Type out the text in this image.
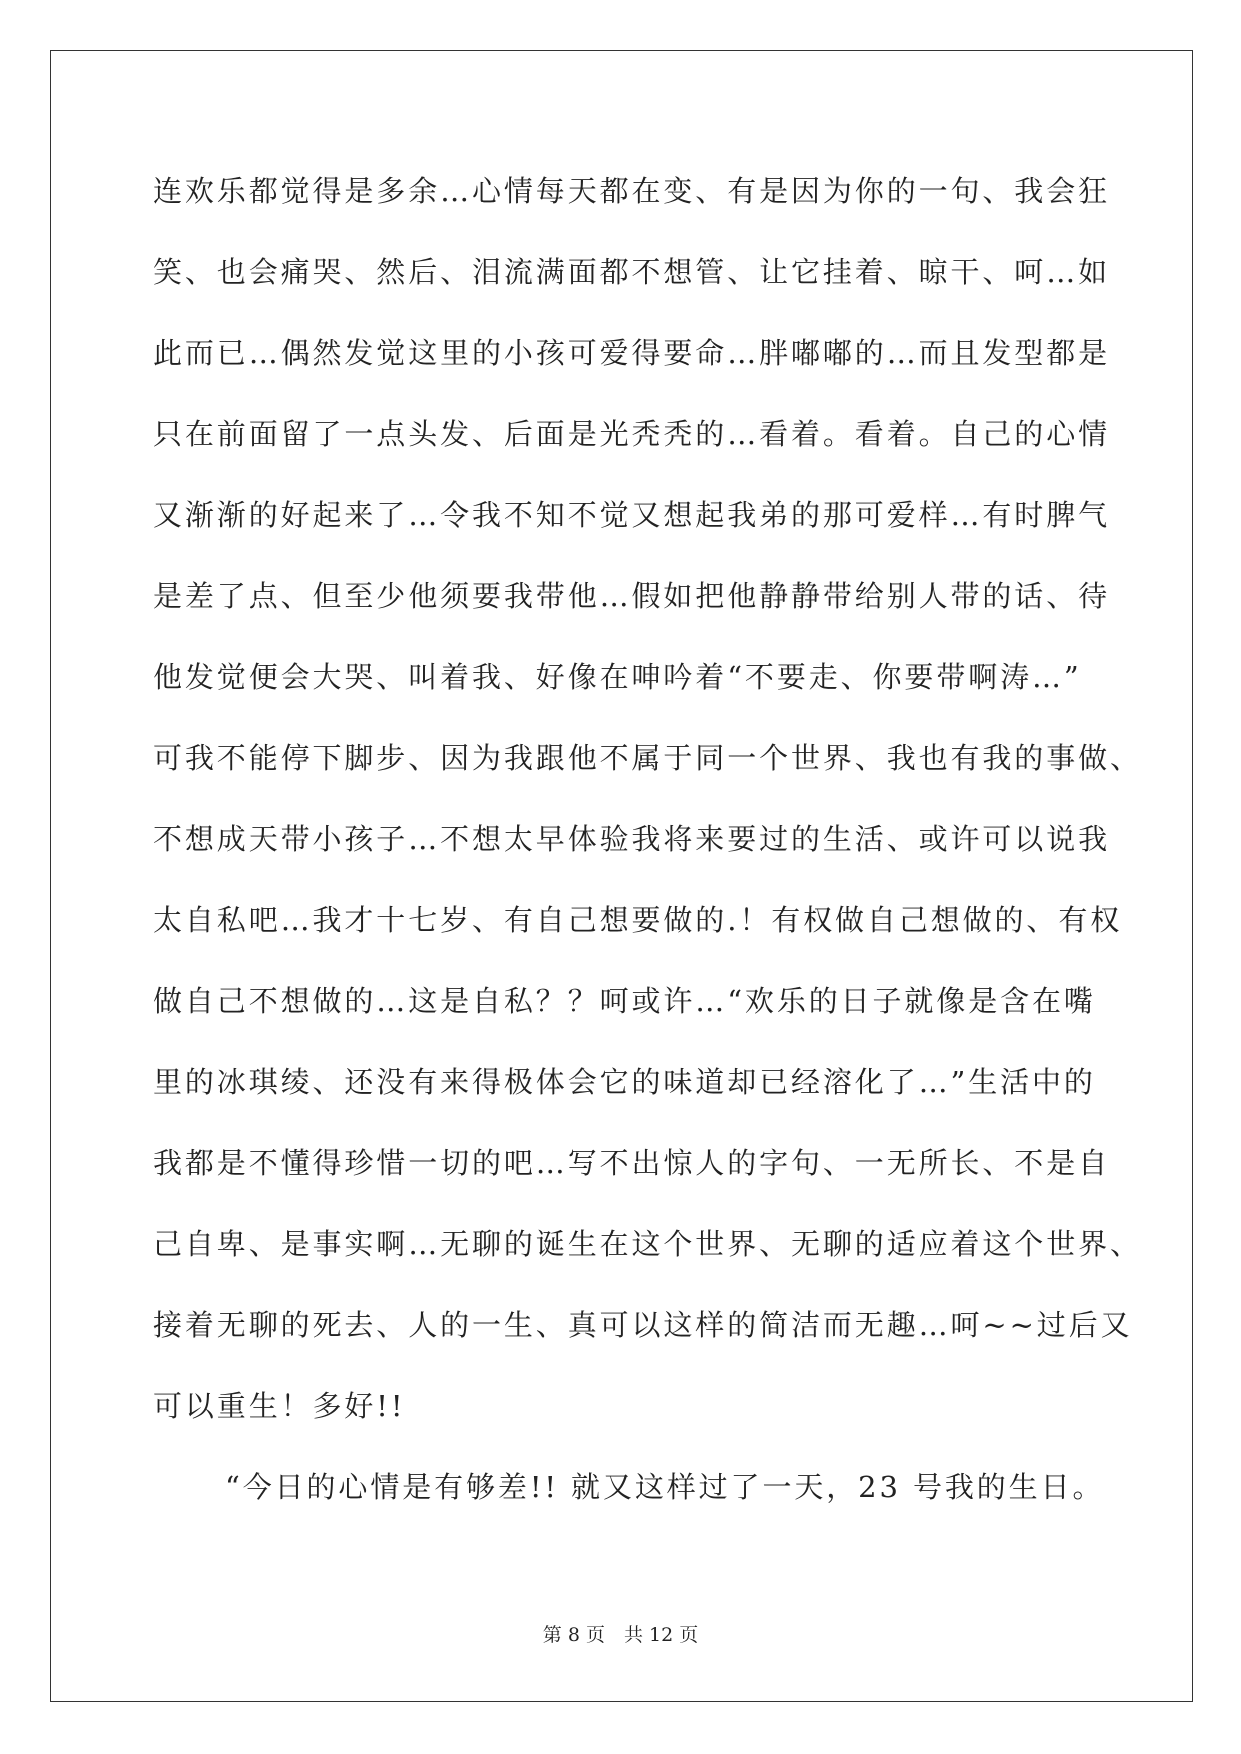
连欢乐都觉得是多余…心情每天都在变、有是因为你的一句、我会狂
笑、也会痛哭、然后、泪流满面都不想管、让它挂着、晾干、呵…如
此而已…偶然发觉这里的小孩可爱得要命…胖嘟嘟的…而且发型都是
只在前面留了一点头发、后面是光秃秃的…看着。看着。自己的心情
又渐渐的好起来了…令我不知不觉又想起我弟的那可爱样…有时脾气
是差了点、但至少他须要我带他…假如把他静静带给别人带的话、待
他发觉便会大哭、叫着我、好像在呻吟着“不要走、你要带啊涛…”
可我不能停下脚步、因为我跟他不属于同一个世界、我也有我的事做、
不想成天带小孩子…不想太早体验我将来要过的生活、或许可以说我
太自私吧…我才十七岁、有自己想要做的.！有权做自己想做的、有权
做自己不想做的…这是自私？？呵或许…“欢乐的日子就像是含在嘴
里的冰琪绫、还没有来得极体会它的味道却已经溶化了…”生活中的
我都是不懂得珍惜一切的吧…写不出惊人的字句、一无所长、不是自
己自卑、是事实啊…无聊的诞生在这个世界、无聊的适应着这个世界、
接着无聊的死去、人的一生、真可以这样的简洁而无趣…呵~~过后又
可以重生！多好!!
“今日的心情是有够差!! 就又这样过了一天，23 号我的生日。
第 8 页　共 12 页
